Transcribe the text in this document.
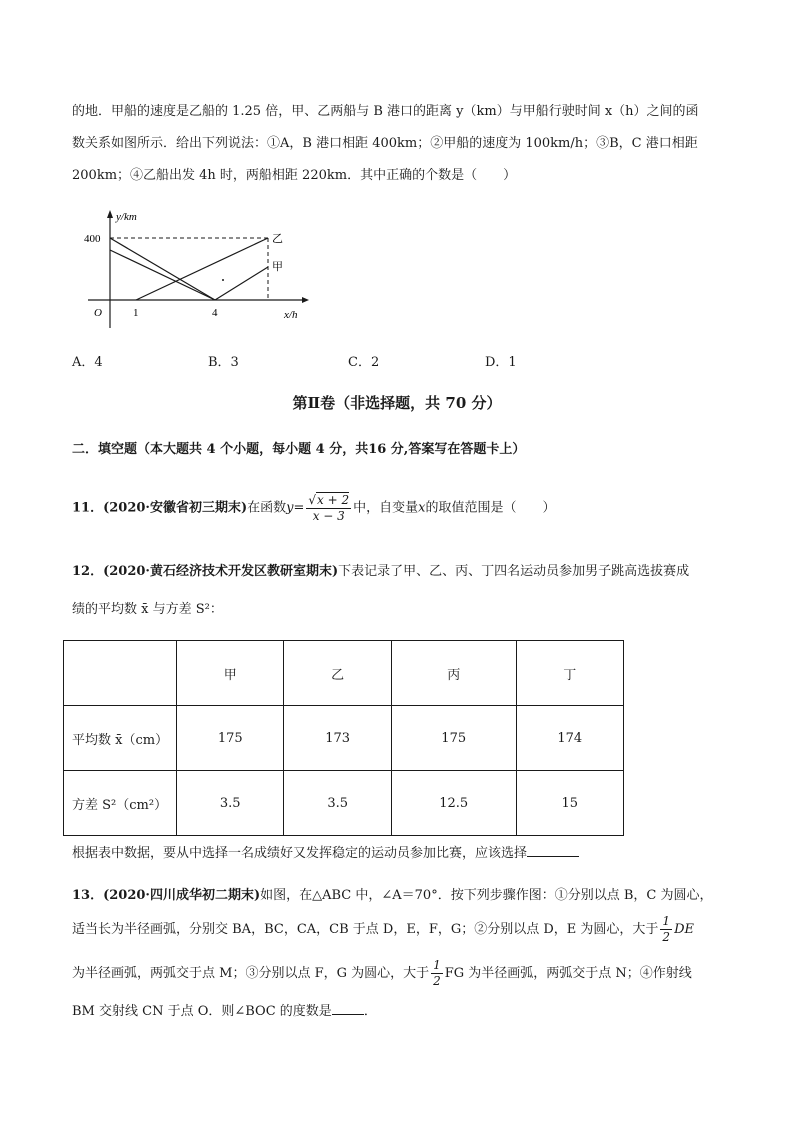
的地．甲船的速度是乙船的 1.25 倍，甲、乙两船与 B 港口的距离 y（km）与甲船行驶时间 x（h）之间的函
数关系如图所示．给出下列说法：①A，B 港口相距 400km；②甲船的速度为 100km/h；③B，C 港口相距
200km；④乙船出发 4h 时，两船相距 220km．其中正确的个数是（　　）
y/km
400
O	1	4	x/h
乙
甲
A．4	B．3	C．2	D．1
第Ⅱ卷（非选择题，共 70 分）
二．填空题（本大题共 4 个小题，每小题 4 分，共16 分,答案写在答题卡上）
11．(2020·安徽省初三期末)在函数$y= \frac{√x + 2}{x - 3}$ 中，自变量x的取值范围是（　　）
12．(2020·黄石经济技术开发区教研室期末)下表记录了甲、乙、丙、丁四名运动员参加男子跳高选拔赛成
绩的平均数 x̄ 与方差 S²：
	甲	乙	丙	丁
平均数 x̄（cm）	175	173	175	174
方差 S²（cm²）	3.5	3.5	12.5	15
根据表中数据，要从中选择一名成绩好又发挥稳定的运动员参加比赛，应该选择
13．(2020·四川成华初二期末)如图，在△ABC 中，∠A＝70°．按下列步骤作图：①分别以点 B，C 为圆心，
适当长为半径画弧，分别交 BA，BC，CA，CB 于点 D，E，F，G；②分别以点 D，E 为圆心，大于 $\frac{1}{2}$ DE
为半径画弧，两弧交于点 M；③分别以点 F，G 为圆心，大于 $\frac{1}{2}$ FG 为半径画弧，两弧交于点 N；④作射线
BM 交射线 CN 于点 O．则∠BOC 的度数是 ．
